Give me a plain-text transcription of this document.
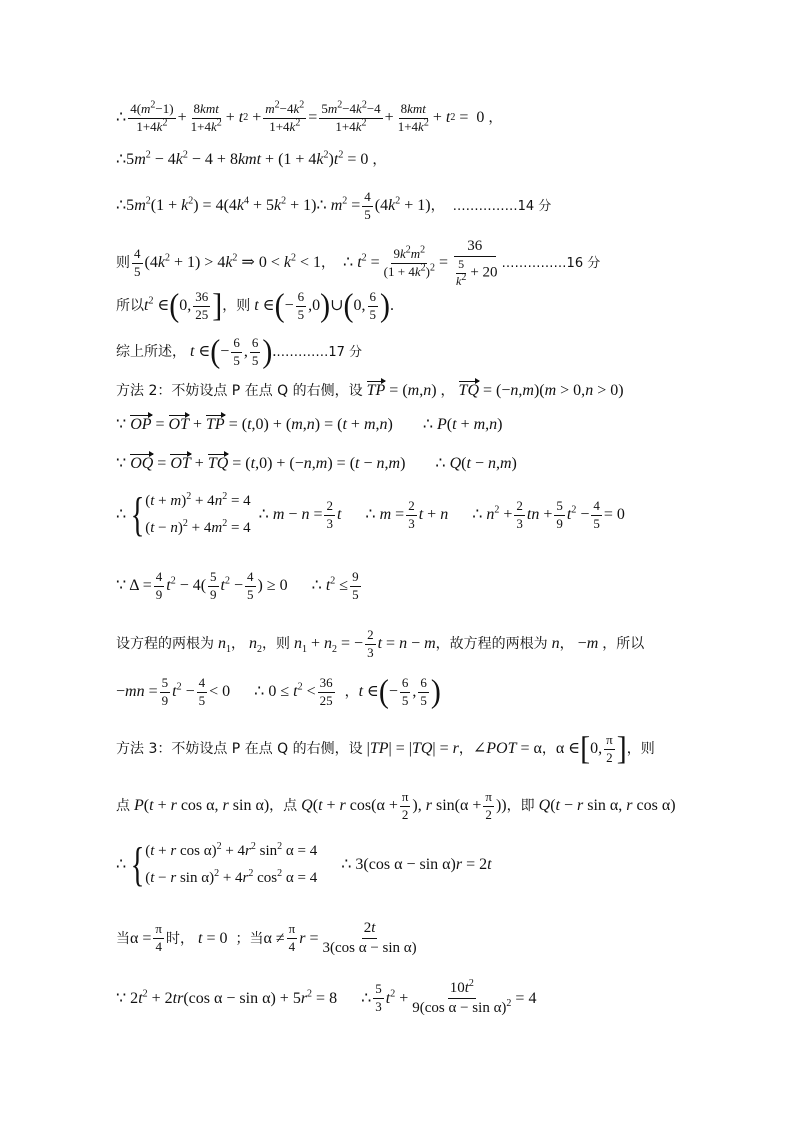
∴ $\frac{4(m^2-1)}{1+4k^2} + \frac{\text{8kmt}}{1+4k^2} + t$ $2 + \frac{m^2-4k^2}{1+4k^2} = \frac{5m^2-4k^2-4}{1+4k^2} + \frac{\text{8kmt}}{1+4k^2} + t$ 2 =  0 ，
$\therefore 5m^2 - 4k^2 - 4 + 8kmt + (1 + 4k^2)t^2 = 0$ ，
$\therefore 5m^2(1 + k^2) = 4(4k^4 + 5k^2$ + 1)∴ $m^2 = \frac{4}{5} (4k^2 + 1)$， ……………14 分
则 $\frac{4}{5} (4k^2 + 1) > 4k^2$ ⇒ $0 < k^2 < 1$，  ∴ $t^2 = \frac{9k^2m^2}{(1 + 4k^2)^2} = \frac{36}{\frac{5}{k^2} + 20}$ ……………16 分
所以 $t^2$ ∈ ( 0, $\frac{36}{25}$ ] ，则 t ∈ ( − $\frac{6}{5} ,0$ ) ∪ ( 0, $\frac{6}{5}$ ) .
综上所述， t ∈ ( − $\frac{6}{5}$ , $\frac{6}{5}$ ) . …………17 分
方法 2：不妨设点 P 在点 Q 的右侧，设 TP = (m,n) ， TQ = (−n,m)(m > 0,n > 0)
∵ OP = OT + TP = (t,0) + (m,n) = (t + m,n) ∴ P(t + m,n)
∵ OQ = OT + TQ = (t,0) + (−n,m) = (t − n,m) ∴ Q(t − n,m)
∴ { $(t + m)^2 + 4n^2 = 4$
$(t - n)^2 + 4m^2 = 4$
∴ $m - n = \frac{2}{3}$ t ∴ $m = \frac{2}{3}$ t + n ∴ $n^2 + \frac{2}{3}$ tn + $\frac{5}{9} t^2 - \frac{4}{5} = 0$
∵ $\Delta = \frac{4}{9} t^2 - 4( \frac{5}{9} t^2 - \frac{4}{5}$ ) ≥ 0 ∴ $t^2 \le \frac{9}{5}$
设方程的两根为 $n_1$， $n_2$ ，则 $n_1 + n_2$ = − $\frac{2}{3}$ t = n − m ，故方程的两根为 n， −m ，所以
$-mn = \frac{5}{9} t^2 - \frac{4}{5} < 0$ ∴ $0 \le t^2 < \frac{36}{25}$ ，t ∈ ( − $\frac{6}{5}$ , $\frac{6}{5}$ )
方法 3：不妨设点 P 在点 Q 的右侧，设 |TP| = |TQ| = r，∠POT = α，α ∈ [ 0, $\frac{\pi}{2}$ ] ，则
点 P(t + r cos α, r sin α) ，点 Q(t + r $\cos(\alpha + \frac{\pi}{2}$ ), r $\sin(\alpha + \frac{\pi}{2}$ )) ，即 Q(t − r sin α, r cos α)
∴ { (t + r $\cos \alpha)^2 + 4r^2$ $\sin^2 \alpha = 4$
(t − r $\sin \alpha)^2 + 4r^2$ $\cos^2 \alpha = 4$
∴ 3(cos α − sin α)r = 2t
当 $\alpha = \frac{\pi}{4}$ 时， t = 0 ；当 $\alpha \ne \frac{\pi}{4}$ $r = \frac{2t}{\text{3(cos α − sin α)}}$
∵ $2t^2 + 2tr(\cos$ $\alpha - \sin \alpha) + 5r^2 = 8$ ∴ $\frac{5}{3} t^2 + \frac{10t^2}{9(\cos \alpha - \sin \alpha)^2} = 4$
